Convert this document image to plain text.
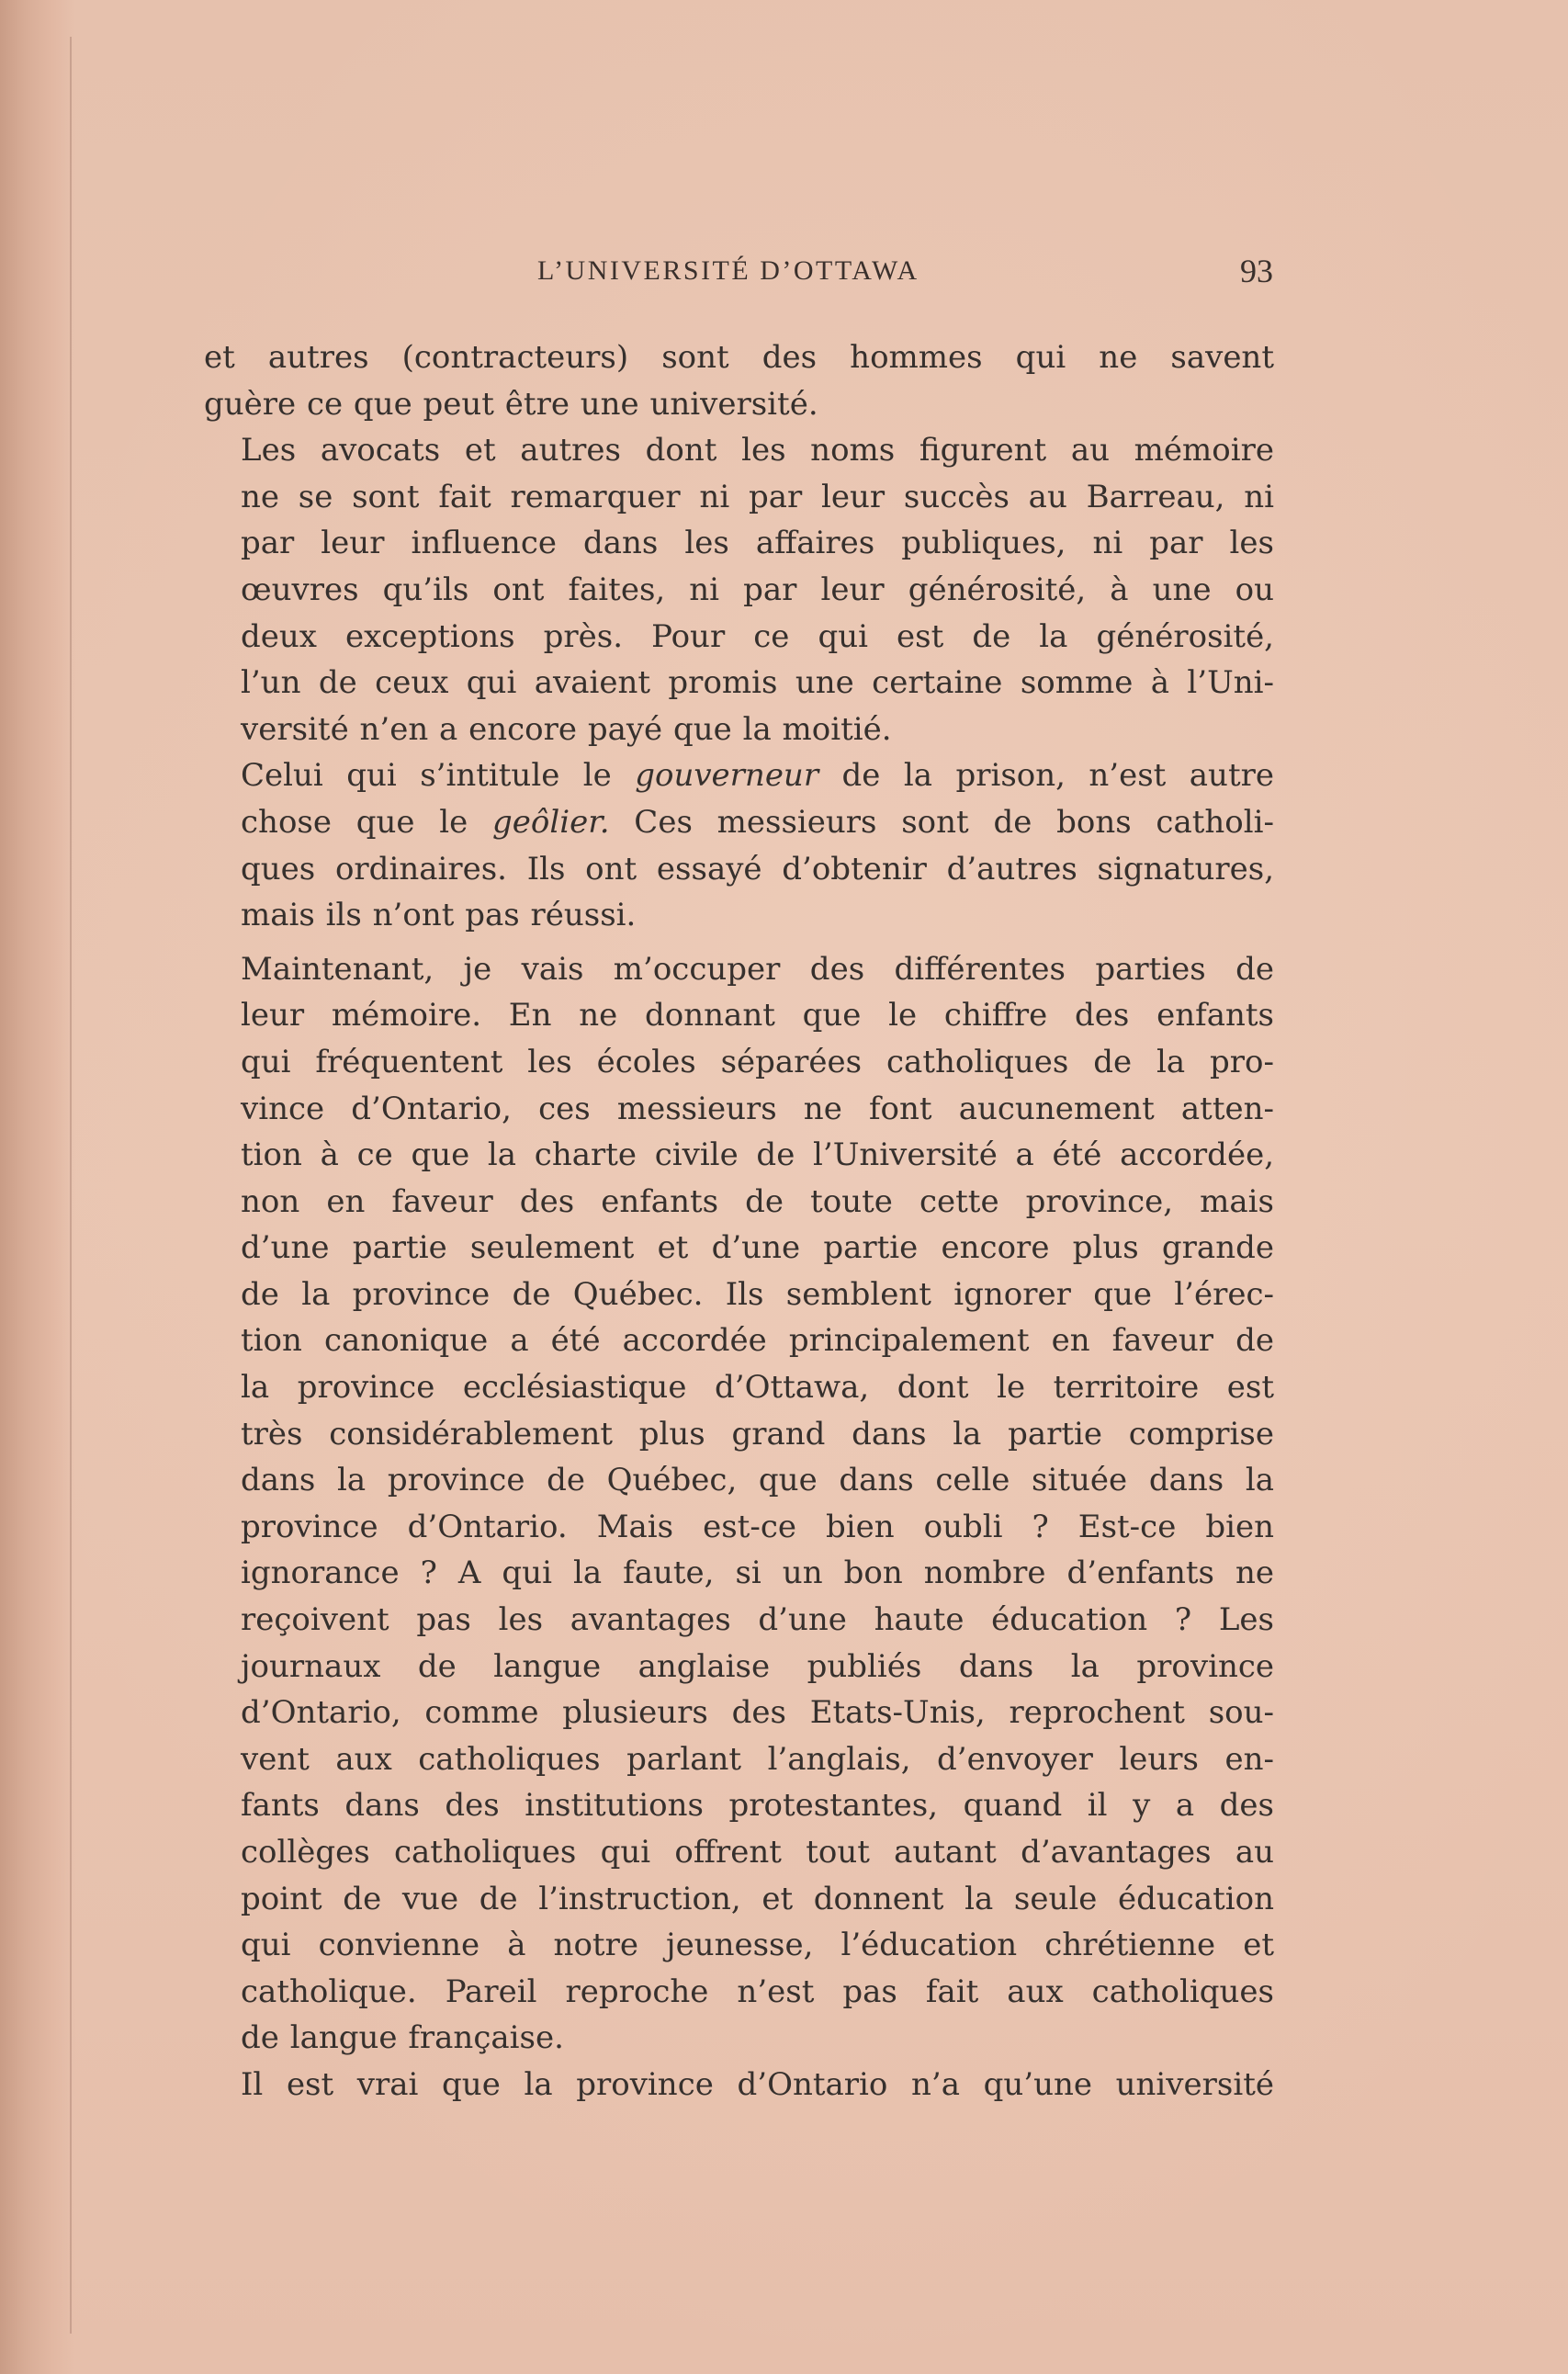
L’UNIVERSITÉ D’OTTAWA	93

et autres (contracteurs) sont des hommes qui ne savent
guère ce que peut être une université.

Les avocats et autres dont les noms figurent au mémoire
ne se sont fait remarquer ni par leur succès au Barreau, ni
par leur influence dans les affaires publiques, ni par les
œuvres qu’ils ont faites, ni par leur générosité, à une ou
deux exceptions près. Pour ce qui est de la générosité,
l’un de ceux qui avaient promis une certaine somme à l’Uni-
versité n’en a encore payé que la moitié.

Celui qui s’intitule le gouverneur de la prison, n’est autre
chose que le geôlier. Ces messieurs sont de bons catholi-
ques ordinaires. Ils ont essayé d’obtenir d’autres signatures,
mais ils n’ont pas réussi.

Maintenant, je vais m’occuper des différentes parties de
leur mémoire. En ne donnant que le chiffre des enfants
qui fréquentent les écoles séparées catholiques de la pro-
vince d’Ontario, ces messieurs ne font aucunement atten-
tion à ce que la charte civile de l’Université a été accordée,
non en faveur des enfants de toute cette province, mais
d’une partie seulement et d’une partie encore plus grande
de la province de Québec. Ils semblent ignorer que l’érec-
tion canonique a été accordée principalement en faveur de
la province ecclésiastique d’Ottawa, dont le territoire est
très considérablement plus grand dans la partie comprise
dans la province de Québec, que dans celle située dans la
province d’Ontario. Mais est-ce bien oubli ? Est-ce bien
ignorance ? A qui la faute, si un bon nombre d’enfants ne
reçoivent pas les avantages d’une haute éducation ? Les
journaux de langue anglaise publiés dans la province
d’Ontario, comme plusieurs des Etats-Unis, reprochent sou-
vent aux catholiques parlant l’anglais, d’envoyer leurs en-
fants dans des institutions protestantes, quand il y a des
collèges catholiques qui offrent tout autant d’avantages au
point de vue de l’instruction, et donnent la seule éducation
qui convienne à notre jeunesse, l’éducation chrétienne et
catholique. Pareil reproche n’est pas fait aux catholiques
de langue française.

Il est vrai que la province d’Ontario n’a qu’une université
